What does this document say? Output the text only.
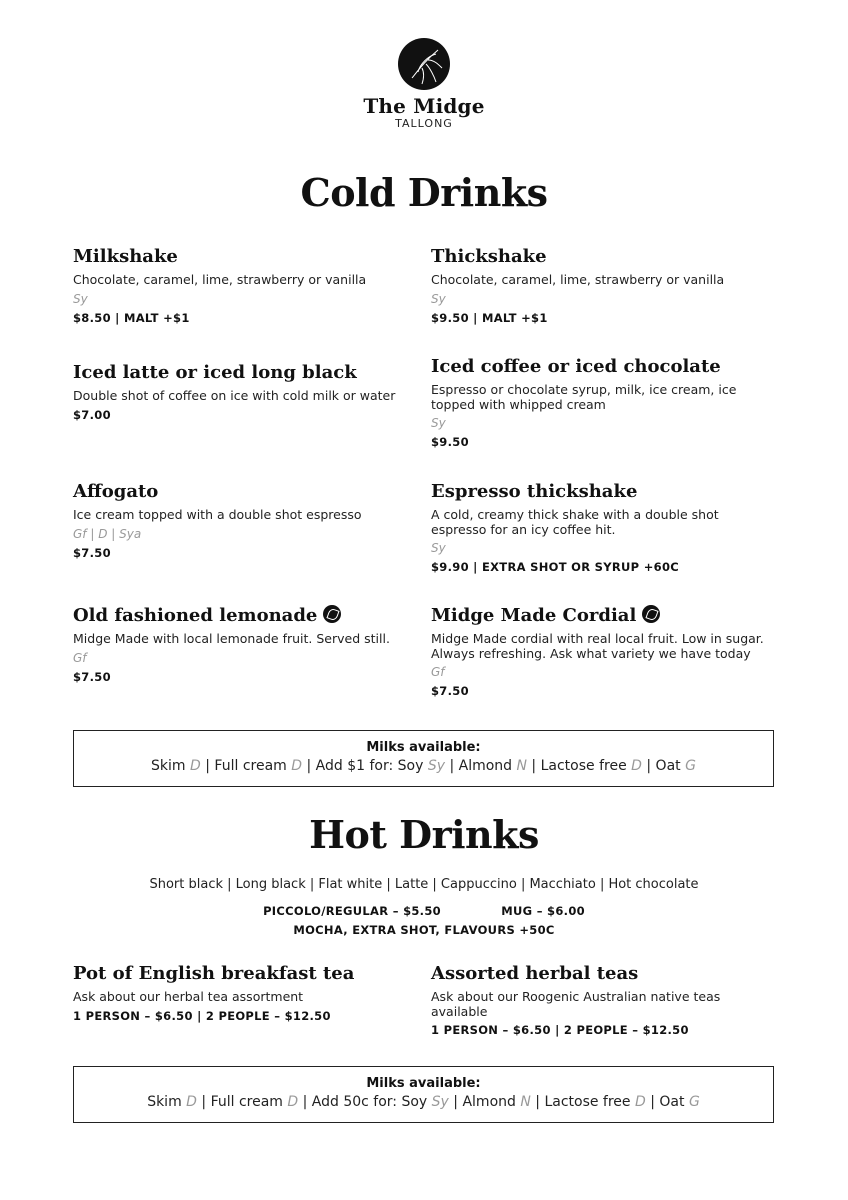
The Midge
TALLONG
Cold Drinks
Milkshake
Chocolate, caramel, lime, strawberry or vanilla
Sy
$8.50 | MALT +$1
Thickshake
Chocolate, caramel, lime, strawberry or vanilla
Sy
$9.50 | MALT +$1
Iced latte or iced long black
Double shot of coffee on ice with cold milk or water
$7.00
Iced coffee or iced chocolate
Espresso or chocolate syrup, milk, ice cream, ice topped with whipped cream
Sy
$9.50
Affogato
Ice cream topped with a double shot espresso
Gf | D | Sya
$7.50
Espresso thickshake
A cold, creamy thick shake with a double shot espresso for an icy coffee hit.
Sy
$9.90 | EXTRA SHOT OR SYRUP +60C
Old fashioned lemonade
Midge Made with local lemonade fruit. Served still.
Gf
$7.50
Midge Made Cordial
Midge Made cordial with real local fruit. Low in sugar. Always refreshing. Ask what variety we have today
Gf
$7.50
Milks available:
Skim D | Full cream D | Add $1 for: Soy Sy | Almond N | Lactose free D | Oat G
Hot Drinks
Short black | Long black | Flat white | Latte | Cappuccino | Macchiato | Hot chocolate
PICCOLO/REGULAR – $5.50	MUG – $6.00
MOCHA, EXTRA SHOT, FLAVOURS +50C
Pot of English breakfast tea
Ask about our herbal tea assortment
1 PERSON – $6.50 | 2 PEOPLE – $12.50
Assorted herbal teas
Ask about our Roogenic Australian native teas available
1 PERSON – $6.50 | 2 PEOPLE – $12.50
Milks available:
Skim D | Full cream D | Add 50c for: Soy Sy | Almond N | Lactose free D | Oat G
